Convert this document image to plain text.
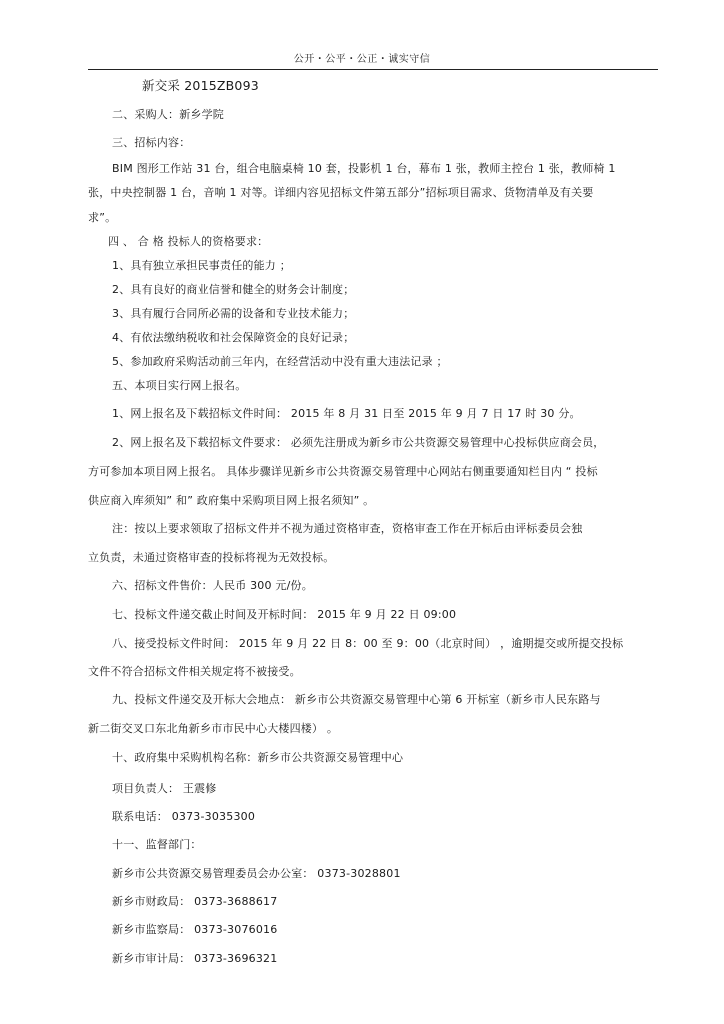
公开・公平・公正・诚实守信
新交采 2015ZB093
二、采购人：新乡学院
三、招标内容：
BIM 图形工作站 31 台，组合电脑桌椅 10 套，投影机 1 台，幕布 1 张，教师主控台 1 张，教师椅 1
张，中央控制器 1 台，音响 1 对等。详细内容见招标文件第五部分”招标项目需求、货物清单及有关要
求”。
四 、 合 格 投标人的资格要求：
1、具有独立承担民事责任的能力 ；
2、具有良好的商业信誉和健全的财务会计制度；
3、具有履行合同所必需的设备和专业技术能力；
4、有依法缴纳税收和社会保障资金的良好记录；
5、参加政府采购活动前三年内，在经营活动中没有重大违法记录 ；
五、本项目实行网上报名。
1、网上报名及下载招标文件时间： 2015 年 8 月 31 日至 2015 年 9 月 7 日 17 时 30 分。
2、网上报名及下载招标文件要求： 必须先注册成为新乡市公共资源交易管理中心投标供应商会员，
方可参加本项目网上报名。 具体步骤详见新乡市公共资源交易管理中心网站右侧重要通知栏目内 “ 投标
供应商入库须知” 和” 政府集中采购项目网上报名须知” 。
注：按以上要求领取了招标文件并不视为通过资格审查，资格审查工作在开标后由评标委员会独
立负责，未通过资格审查的投标将视为无效投标。
六、招标文件售价：人民币 300 元/份。
七、投标文件递交截止时间及开标时间： 2015 年 9 月 22 日 09:00
八、接受投标文件时间： 2015 年 9 月 22 日 8：00 至 9：00（北京时间） ，逾期提交或所提交投标
文件不符合招标文件相关规定将不被接受。
九、投标文件递交及开标大会地点： 新乡市公共资源交易管理中心第 6 开标室（新乡市人民东路与
新二街交叉口东北角新乡市市民中心大楼四楼） 。
十、政府集中采购机构名称：新乡市公共资源交易管理中心
项目负责人： 王震修
联系电话： 0373-3035300
十一、监督部门：
新乡市公共资源交易管理委员会办公室： 0373-3028801
新乡市财政局： 0373-3688617
新乡市监察局： 0373-3076016
新乡市审计局： 0373-3696321
